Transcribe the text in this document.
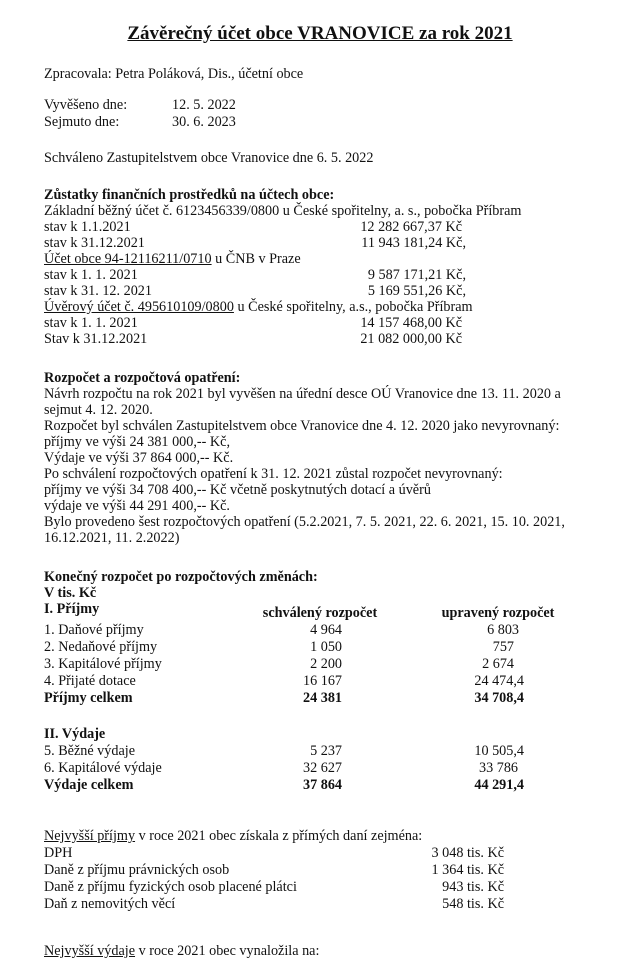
Závěrečný účet obce VRANOVICE za rok 2021
Zpracovala: Petra Poláková, Dis., účetní obce
Vyvěšeno dne:	12. 5. 2022
Sejmuto dne:	30. 6. 2023
Schváleno Zastupitelstvem obce Vranovice dne 6. 5. 2022
Zůstatky finančních prostředků na účtech obce:
Základní běžný účet č. 6123456339/0800 u České spořitelny, a. s., pobočka Příbram
stav k 1.1.2021	12 282 667,37 Kč
stav k 31.12.2021	11 943 181,24 Kč,
Účet obce 94-12116211/0710 u ČNB v Praze
stav k 1. 1. 2021	9 587 171,21 Kč,
stav k 31. 12. 2021	5 169 551,26 Kč,
Úvěrový účet č. 495610109/0800 u České spořitelny, a.s., pobočka Příbram
stav k 1. 1. 2021	14 157 468,00 Kč
Stav k 31.12.2021	21 082 000,00 Kč
Rozpočet a rozpočtová opatření:
Návrh rozpočtu na rok 2021 byl vyvěšen na úřední desce OÚ Vranovice dne 13. 11. 2020 a
sejmut 4. 12. 2020.
Rozpočet byl schválen Zastupitelstvem obce Vranovice dne 4. 12. 2020 jako nevyrovnaný:
příjmy ve výši 24 381 000,-- Kč,
Výdaje ve výši 37 864 000,-- Kč.
Po schválení rozpočtových opatření k 31. 12. 2021 zůstal rozpočet nevyrovnaný:
příjmy ve výši 34 708 400,-- Kč včetně poskytnutých dotací a úvěrů
výdaje ve výši 44 291 400,-- Kč.
Bylo provedeno šest rozpočtových opatření (5.2.2021, 7. 5. 2021, 22. 6. 2021, 15. 10. 2021,
16.12.2021, 11. 2.2022)
Konečný rozpočet po rozpočtových změnách:
V tis. Kč
I. Příjmy	schválený rozpočet	upravený rozpočet
1. Daňové příjmy	4 964	6 803
2. Nedaňové příjmy	1 050	757
3. Kapitálové příjmy	2 200	2 674
4. Přijaté dotace	16 167	24 474,4
Příjmy celkem	24 381	34 708,4
II. Výdaje
5. Běžné výdaje	5 237	10 505,4
6. Kapitálové výdaje	32 627	33 786
Výdaje celkem	37 864	44 291,4
Nejvyšší příjmy v roce 2021 obec získala z přímých daní zejména:
DPH	3 048 tis. Kč
Daně z příjmu právnických osob	1 364 tis. Kč
Daně z příjmu fyzických osob placené plátci	943 tis. Kč
Daň z nemovitých věcí	548 tis. Kč
Nejvyšší výdaje v roce 2021 obec vynaložila na:
